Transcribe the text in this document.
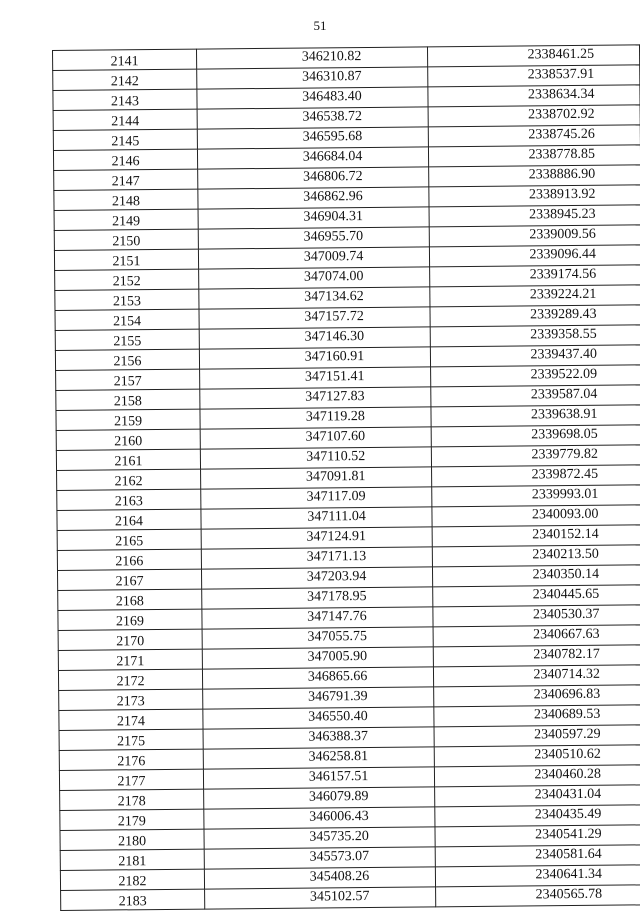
51
2141	346210.82	2338461.25
2142	346310.87	2338537.91
2143	346483.40	2338634.34
2144	346538.72	2338702.92
2145	346595.68	2338745.26
2146	346684.04	2338778.85
2147	346806.72	2338886.90
2148	346862.96	2338913.92
2149	346904.31	2338945.23
2150	346955.70	2339009.56
2151	347009.74	2339096.44
2152	347074.00	2339174.56
2153	347134.62	2339224.21
2154	347157.72	2339289.43
2155	347146.30	2339358.55
2156	347160.91	2339437.40
2157	347151.41	2339522.09
2158	347127.83	2339587.04
2159	347119.28	2339638.91
2160	347107.60	2339698.05
2161	347110.52	2339779.82
2162	347091.81	2339872.45
2163	347117.09	2339993.01
2164	347111.04	2340093.00
2165	347124.91	2340152.14
2166	347171.13	2340213.50
2167	347203.94	2340350.14
2168	347178.95	2340445.65
2169	347147.76	2340530.37
2170	347055.75	2340667.63
2171	347005.90	2340782.17
2172	346865.66	2340714.32
2173	346791.39	2340696.83
2174	346550.40	2340689.53
2175	346388.37	2340597.29
2176	346258.81	2340510.62
2177	346157.51	2340460.28
2178	346079.89	2340431.04
2179	346006.43	2340435.49
2180	345735.20	2340541.29
2181	345573.07	2340581.64
2182	345408.26	2340641.34
2183	345102.57	2340565.78
